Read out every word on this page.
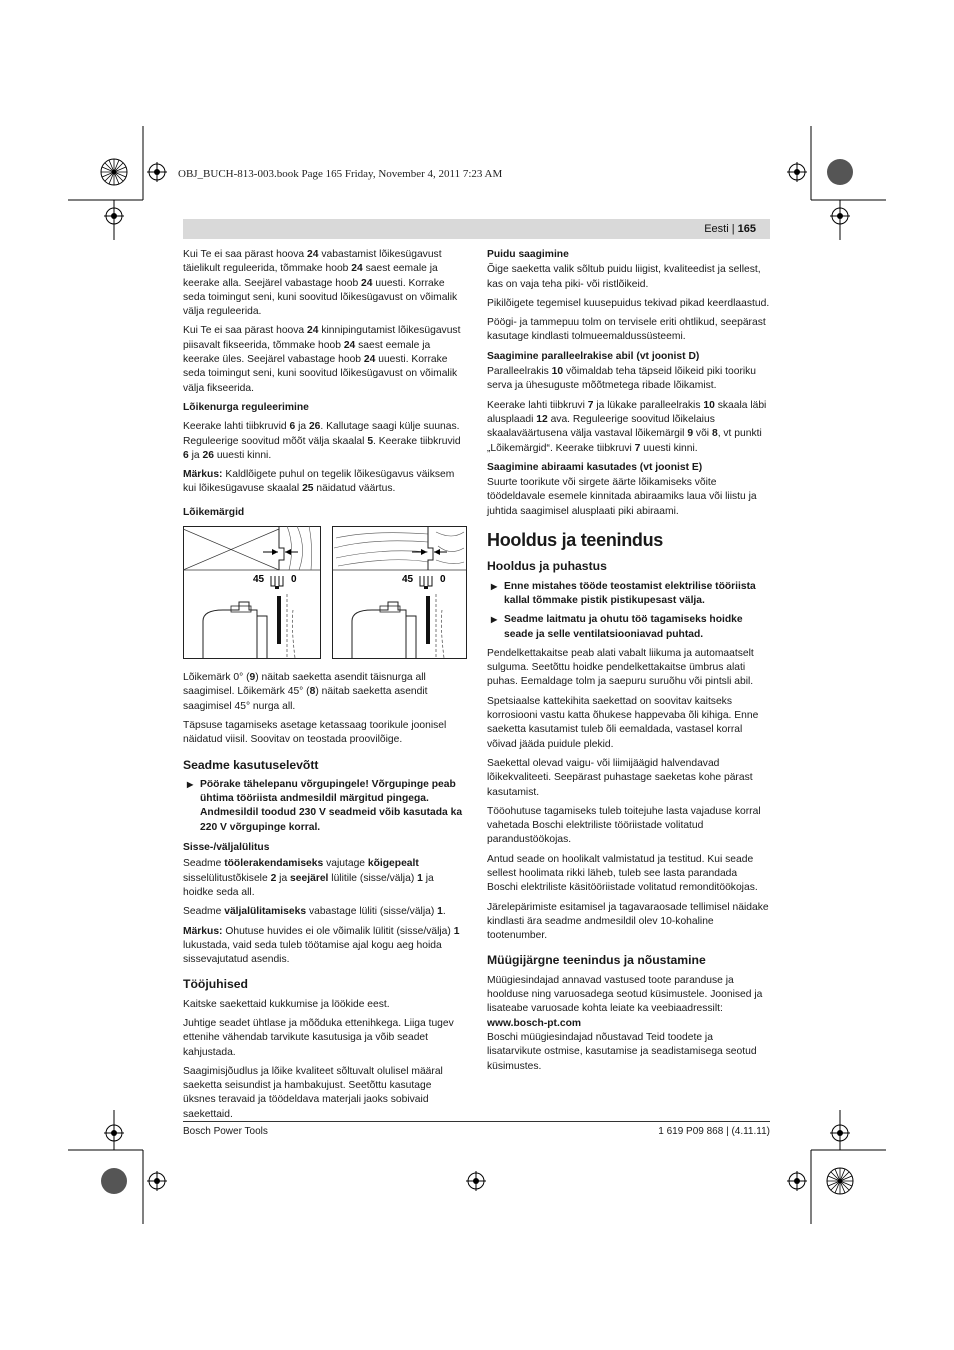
OBJ_BUCH-813-003.book Page 165 Friday, November 4, 2011 7:23 AM
Eesti | 165

Kui Te ei saa pärast hoova 24 vabastamist lõikesügavust täielikult reguleerida, tõmmake hoob 24 saest eemale ja keerake alla. Seejärel vabastage hoob 24 uuesti. Korrake seda toimingut seni, kuni soovitud lõikesügavust on võimalik välja reguleerida.

Kui Te ei saa pärast hoova 24 kinnipingutamist lõikesügavust piisavalt fikseerida, tõmmake hoob 24 saest eemale ja keerake üles. Seejärel vabastage hoob 24 uuesti. Korrake seda toimingut seni, kuni soovitud lõikesügavust on võimalik välja fikseerida.

Lõikenurga reguleerimine

Keerake lahti tiibkruvid 6 ja 26. Kallutage saagi külje suunas. Reguleerige soovitud mõõt välja skaalal 5. Keerake tiibkruvid 6 ja 26 uuesti kinni.

Märkus: Kaldlõigete puhul on tegelik lõikesügavus väiksem kui lõikesügavuse skaalal 25 näidatud väärtus.

Lõikemärgid
45	0	45	0

Lõikemärk 0° (9) näitab saeketta asendit täisnurga all saagimisel. Lõikemärk 45° (8) näitab saeketta asendit saagimisel 45° nurga all.

Täpsuse tagamiseks asetage ketassaag toorikule joonisel näidatud viisil. Soovitav on teostada proovilõige.

Seadme kasutuselevõtt
▶ Pöörake tähelepanu võrgupingele! Võrgupinge peab ühtima tööriista andmesildil märgitud pingega. Andmesildil toodud 230 V seadmeid võib kasutada ka 220 V võrgupinge korral.
Sisse-/väljalülitus

Seadme töölerakendamiseks vajutage kõigepealt sisselülitustõkisele 2 ja seejärel lülitile (sisse/välja) 1 ja hoidke seda all.

Seadme väljalülitamiseks vabastage lüliti (sisse/välja) 1.

Märkus: Ohutuse huvides ei ole võimalik lülitit (sisse/välja) 1 lukustada, vaid seda tuleb töötamise ajal kogu aeg hoida sissevajutatud asendis.

Tööjuhised

Kaitske saekettaid kukkumise ja löökide eest.

Juhtige seadet ühtlase ja mõõduka ettenihkega. Liiga tugev ettenihe vähendab tarvikute kasutusiga ja võib seadet kahjustada.

Saagimisjõudlus ja lõike kvaliteet sõltuvalt olulisel määral saeketta seisundist ja hambakujust. Seetõttu kasutage üksnes teravaid ja töödeldava materjali jaoks sobivaid saekettaid.

Puidu saagimine

Õige saeketta valik sõltub puidu liigist, kvaliteedist ja sellest, kas on vaja teha piki- või ristlõikeid.

Pikilõigete tegemisel kuusepuidus tekivad pikad keerdlaastud.

Pöögi- ja tammepuu tolm on tervisele eriti ohtlikud, seepärast kasutage kindlasti tolmueemaldussüsteemi.

Saagimine paralleelrakise abil (vt joonist D)

Paralleelrakis 10 võimaldab teha täpseid lõikeid piki tooriku serva ja ühesuguste mõõtmetega ribade lõikamist.

Keerake lahti tiibkruvi 7 ja lükake paralleelrakis 10 skaala läbi alusplaadi 12 ava. Reguleerige soovitud lõikelaius skaalaväärtusena välja vastaval lõikemärgil 9 või 8, vt punkti „Lõikemärgid“. Keerake tiibkruvi 7 uuesti kinni.

Saagimine abiraami kasutades (vt joonist E)

Suurte toorikute või sirgete äärte lõikamiseks võite töödeldavale esemele kinnitada abiraamiks laua või liistu ja juhtida saagimisel alusplaati piki abiraami.

Hooldus ja teenindus
Hooldus ja puhastus
▶ Enne mistahes tööde teostamist elektrilise tööriista kallal tõmmake pistik pistikupesast välja.
▶ Seadme laitmatu ja ohutu töö tagamiseks hoidke seade ja selle ventilatsiooniavad puhtad.

Pendelkettakaitse peab alati vabalt liikuma ja automaatselt sulguma. Seetõttu hoidke pendelkettakaitse ümbrus alati puhas. Eemaldage tolm ja saepuru suruõhu või pintsli abil.

Spetsiaalse kattekihita saekettad on soovitav kaitseks korrosiooni vastu katta õhukese happevaba õli kihiga. Enne saeketta kasutamist tuleb õli eemaldada, vastasel korral võivad jääda puidule plekid.

Saekettal olevad vaigu- või liimijäägid halvendavad lõikekvaliteeti. Seepärast puhastage saeketas kohe pärast kasutamist.

Tööohutuse tagamiseks tuleb toitejuhe lasta vajaduse korral vahetada Boschi elektriliste tööriistade volitatud parandustöökojas.

Antud seade on hoolikalt valmistatud ja testitud. Kui seade sellest hoolimata rikki läheb, tuleb see lasta parandada Boschi elektriliste käsitööriistade volitatud remonditöökojas.

Järelepärimiste esitamisel ja tagavaraosade tellimisel näidake kindlasti ära seadme andmesildil olev 10-kohaline tootenumber.

Müügijärgne teenindus ja nõustamine

Müügiesindajad annavad vastused toote paranduse ja hoolduse ning varuosadega seotud küsimustele. Joonised ja lisateabe varuosade kohta leiate ka veebiaadressilt:
www.bosch-pt.com
Boschi müügiesindajad nõustavad Teid toodete ja lisatarvikute ostmise, kasutamise ja seadistamisega seotud küsimustes.

Bosch Power Tools	1 619 P09 868 | (4.11.11)
